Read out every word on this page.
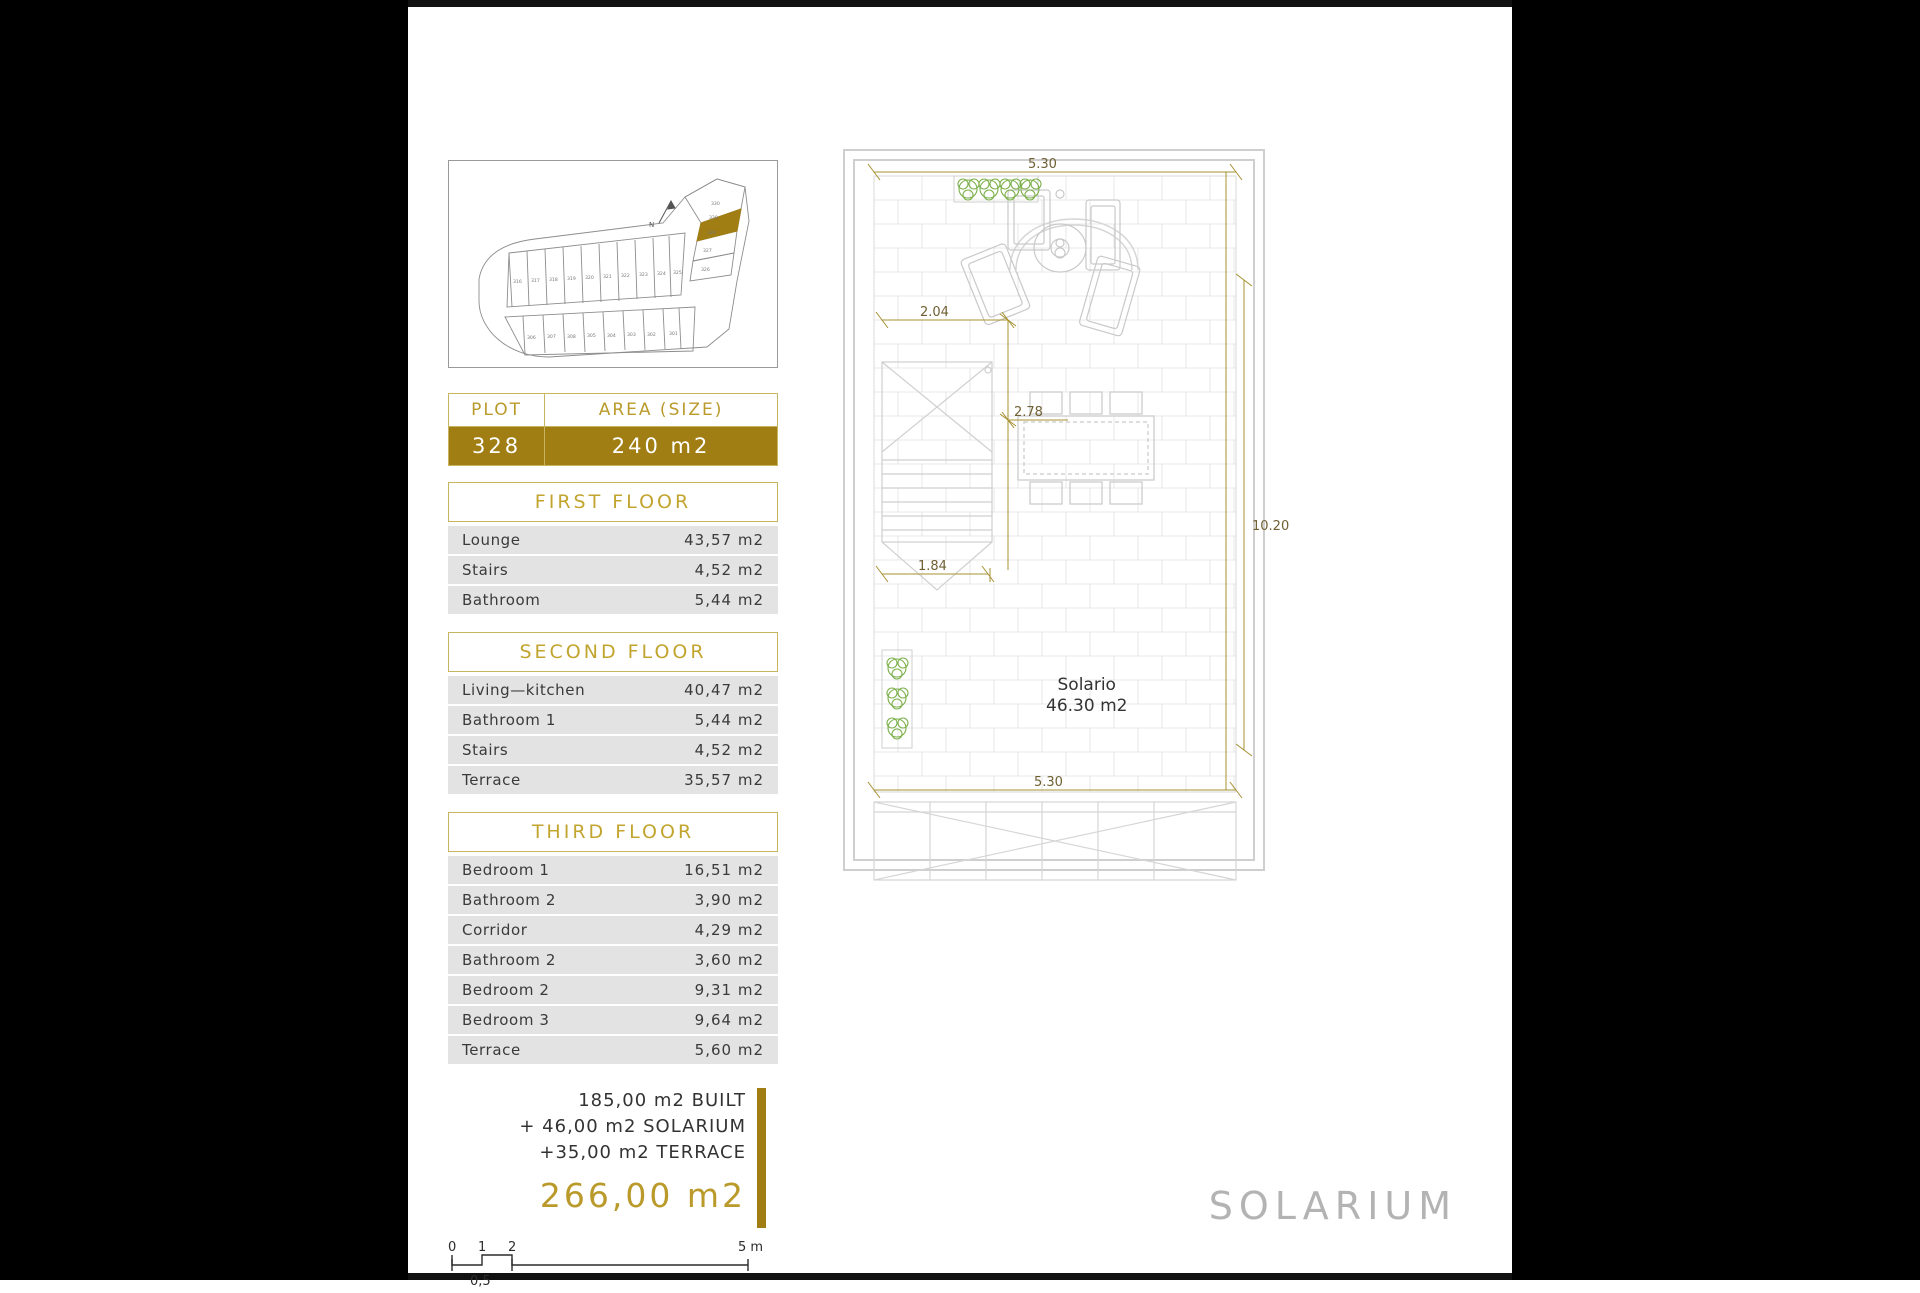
N
330
329
328
327
326
316 317 318 319 320 321 322 323 324 325
306 307 308 305 304 303 302	301
PLOT	AREA (SIZE)
328	240 m2
FIRST FLOOR
Lounge	43,57 m2
Stairs	4,52 m2
Bathroom	5,44 m2
SECOND FLOOR
Living—kitchen	40,47 m2
Bathroom 1	5,44 m2
Stairs	4,52 m2
Terrace	35,57 m2
THIRD FLOOR
Bedroom 1	16,51 m2
Bathroom 2	3,90 m2
Corridor	4,29 m2
Bathroom 2	3,60 m2
Bedroom 2	9,31 m2
Bedroom 3	9,64 m2
Terrace	5,60 m2
185,00 m2 BUILT
+ 46,00 m2 SOLARIUM
+35,00 m2 TERRACE
266,00 m2
0 1 2	5 m
0,5
5.30
2.04
2.78
1.84
10.20
5.30
Solario
46.30 m2
SOLARIUM
